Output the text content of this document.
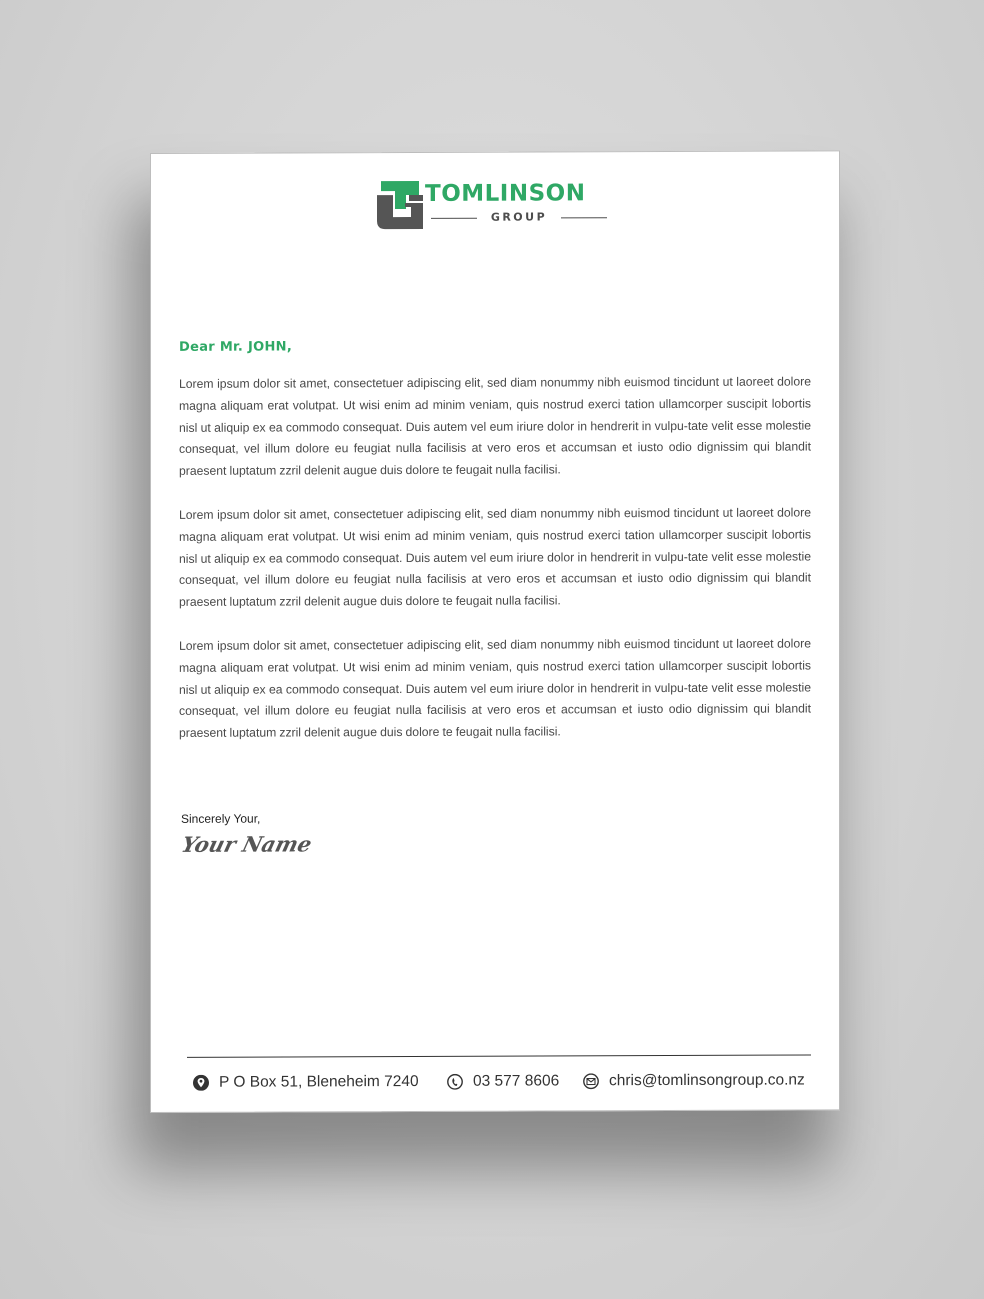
TOMLINSON
GROUP
Dear Mr. JOHN,

Lorem ipsum dolor sit amet, consectetuer adipiscing elit, sed diam nonummy nibh euismod tincidunt ut laoreet dolore magna aliquam erat volutpat. Ut wisi enim ad minim veniam, quis nostrud exerci tation ullamcorper suscipit lobortis nisl ut aliquip ex ea commodo consequat. Duis autem vel eum iriure dolor in hendrerit in vulpu-tate velit esse molestie consequat, vel illum dolore eu feugiat nulla facilisis at vero eros et accumsan et iusto odio dignissim qui blandit praesent luptatum zzril delenit augue duis dolore te feugait nulla facilisi.

Lorem ipsum dolor sit amet, consectetuer adipiscing elit, sed diam nonummy nibh euismod tincidunt ut laoreet dolore magna aliquam erat volutpat. Ut wisi enim ad minim veniam, quis nostrud exerci tation ullamcorper suscipit lobortis nisl ut aliquip ex ea commodo consequat. Duis autem vel eum iriure dolor in hendrerit in vulpu-tate velit esse molestie consequat, vel illum dolore eu feugiat nulla facilisis at vero eros et accumsan et iusto odio dignissim qui blandit praesent luptatum zzril delenit augue duis dolore te feugait nulla facilisi.

Lorem ipsum dolor sit amet, consectetuer adipiscing elit, sed diam nonummy nibh euismod tincidunt ut laoreet dolore magna aliquam erat volutpat. Ut wisi enim ad minim veniam, quis nostrud exerci tation ullamcorper suscipit lobortis nisl ut aliquip ex ea commodo consequat. Duis autem vel eum iriure dolor in hendrerit in vulpu-tate velit esse molestie consequat, vel illum dolore eu feugiat nulla facilisis at vero eros et accumsan et iusto odio dignissim qui blandit praesent luptatum zzril delenit augue duis dolore te feugait nulla facilisi.

Sincerely Your,
Your Name
P O Box 51, Bleneheim 7240	03 577 8606	chris@tomlinsongroup.co.nz
